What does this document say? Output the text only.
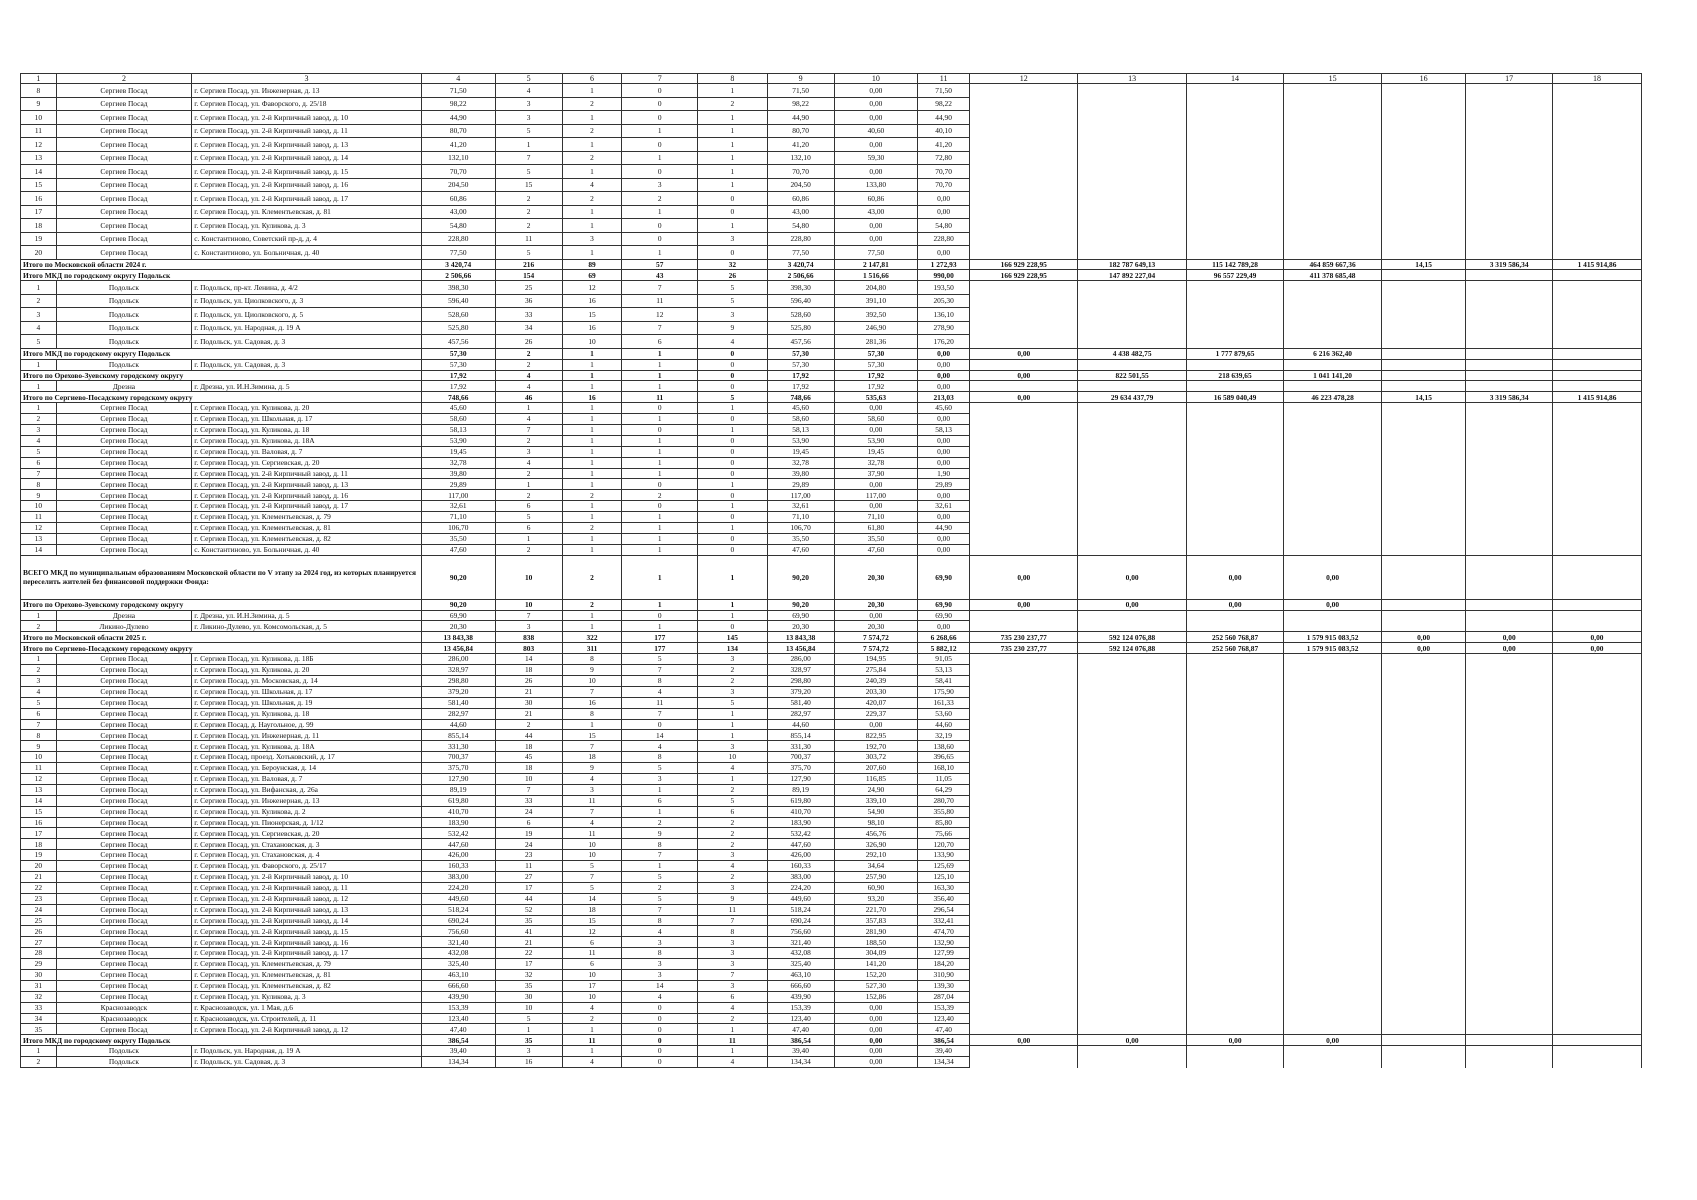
1	2	3	4	5	6	7	8	9	10	11	12	13	14	15	16	17	18
8	Сергиев Посад	г. Сергиев Посад, ул. Инженерная, д. 13	71,50	4	1	0	1	71,50	0,00	71,50							
9	Сергиев Посад	г. Сергиев Посад, ул. Фаворского, д. 25/18	98,22	3	2	0	2	98,22	0,00	98,22							
10	Сергиев Посад	г. Сергиев Посад, ул. 2-й Кирпичный завод, д. 10	44,90	3	1	0	1	44,90	0,00	44,90							
11	Сергиев Посад	г. Сергиев Посад, ул. 2-й Кирпичный завод, д. 11	80,70	5	2	1	1	80,70	40,60	40,10							
12	Сергиев Посад	г. Сергиев Посад, ул. 2-й Кирпичный завод, д. 13	41,20	1	1	0	1	41,20	0,00	41,20							
13	Сергиев Посад	г. Сергиев Посад, ул. 2-й Кирпичный завод, д. 14	132,10	7	2	1	1	132,10	59,30	72,80							
14	Сергиев Посад	г. Сергиев Посад, ул. 2-й Кирпичный завод, д. 15	70,70	5	1	0	1	70,70	0,00	70,70							
15	Сергиев Посад	г. Сергиев Посад, ул. 2-й Кирпичный завод, д. 16	204,50	15	4	3	1	204,50	133,80	70,70							
16	Сергиев Посад	г. Сергиев Посад, ул. 2-й Кирпичный завод, д. 17	60,86	2	2	2	0	60,86	60,86	0,00							
17	Сергиев Посад	г. Сергиев Посад, ул. Клементьевская, д. 81	43,00	2	1	1	0	43,00	43,00	0,00							
18	Сергиев Посад	г. Сергиев Посад, ул. Куликова, д. 3	54,80	2	1	0	1	54,80	0,00	54,80							
19	Сергиев Посад	с. Константиново, Советский пр-д, д. 4	228,80	11	3	0	3	228,80	0,00	228,80							
20	Сергиев Посад	с. Константиново, ул. Больничная, д. 40	77,50	5	1	1	0	77,50	77,50	0,00							
Итого по Московской области 2024 г.			3 420,74	216	89	57	32	3 420,74	2 147,81	1 272,93	166 929 228,95	182 787 649,13	115 142 789,28	464 859 667,36	14,15	3 319 586,34	1 415 914,86
Итого МКД по городскому округу Подольск			2 506,66	154	69	43	26	2 506,66	1 516,66	990,00	166 929 228,95	147 892 227,04	96 557 229,49	411 378 685,48			
1	Подольск	г. Подольск, пр-кт. Ленина, д. 4/2	398,30	25	12	7	5	398,30	204,80	193,50							
2	Подольск	г. Подольск, ул. Циолковского, д. 3	596,40	36	16	11	5	596,40	391,10	205,30							
3	Подольск	г. Подольск, ул. Циолковского, д. 5	528,60	33	15	12	3	528,60	392,50	136,10							
4	Подольск	г. Подольск, ул. Народная, д. 19 А	525,80	34	16	7	9	525,80	246,90	278,90							
5	Подольск	г. Подольск, ул. Садовая, д. 3	457,56	26	10	6	4	457,56	281,36	176,20							
Итого МКД по городскому округу Подольск			57,30	2	1	1	0	57,30	57,30	0,00	0,00	4 438 482,75	1 777 879,65	6 216 362,40			
1	Подольск	г. Подольск, ул. Садовая, д. 3	57,30	2	1	1	0	57,30	57,30	0,00							
Итого по Орехово-Зуевскому городскому округу			17,92	4	1	1	0	17,92	17,92	0,00	0,00	822 501,55	218 639,65	1 041 141,20			
1	Дрезна	г. Дрезна, ул. И.Н.Зимина, д. 5	17,92	4	1	1	0	17,92	17,92	0,00							
Итого по Сергиево-Посадскому городскому округу			748,66	46	16	11	5	748,66	535,63	213,03	0,00	29 634 437,79	16 589 040,49	46 223 478,28	14,15	3 319 586,34	1 415 914,86
1	Сергиев Посад	г. Сергиев Посад, ул. Куликова, д. 20	45,60	1	1	0	1	45,60	0,00	45,60							
2	Сергиев Посад	г. Сергиев Посад, ул. Школьная, д. 17	58,60	4	1	1	0	58,60	58,60	0,00							
3	Сергиев Посад	г. Сергиев Посад, ул. Куликова, д. 18	58,13	7	1	0	1	58,13	0,00	58,13							
4	Сергиев Посад	г. Сергиев Посад, ул. Куликова, д. 18А	53,90	2	1	1	0	53,90	53,90	0,00							
5	Сергиев Посад	г. Сергиев Посад, ул. Валовая, д. 7	19,45	3	1	1	0	19,45	19,45	0,00							
6	Сергиев Посад	г. Сергиев Посад, ул. Сергиевская, д. 20	32,78	4	1	1	0	32,78	32,78	0,00							
7	Сергиев Посад	г. Сергиев Посад, ул. 2-й Кирпичный завод, д. 11	39,80	2	1	1	0	39,80	37,90	1,90							
8	Сергиев Посад	г. Сергиев Посад, ул. 2-й Кирпичный завод, д. 13	29,89	1	1	0	1	29,89	0,00	29,89							
9	Сергиев Посад	г. Сергиев Посад, ул. 2-й Кирпичный завод, д. 16	117,00	2	2	2	0	117,00	117,00	0,00							
10	Сергиев Посад	г. Сергиев Посад, ул. 2-й Кирпичный завод, д. 17	32,61	6	1	0	1	32,61	0,00	32,61							
11	Сергиев Посад	г. Сергиев Посад, ул. Клементьевская, д. 79	71,10	5	1	1	0	71,10	71,10	0,00							
12	Сергиев Посад	г. Сергиев Посад, ул. Клементьевская, д. 81	106,70	6	2	1	1	106,70	61,80	44,90							
13	Сергиев Посад	г. Сергиев Посад, ул. Клементьевская, д. 82	35,50	1	1	1	0	35,50	35,50	0,00							
14	Сергиев Посад	с. Константиново, ул. Больничная, д. 40	47,60	2	1	1	0	47,60	47,60	0,00							
ВСЕГО МКД по муниципальным образованиям Московской области по V этапу за 2024 год, из которых планируется переселить жителей без финансовой поддержки Фонда:			90,20	10	2	1	1	90,20	20,30	69,90	0,00	0,00	0,00	0,00			
Итого по Орехово-Зуевскому городскому округу			90,20	10	2	1	1	90,20	20,30	69,90	0,00	0,00	0,00	0,00			
1	Дрезна	г. Дрезна, ул. И.Н.Зимина, д. 5	69,90	7	1	0	1	69,90	0,00	69,90							
2	Ликино-Дулево	г. Ликино-Дулево, ул. Комсомольская, д. 5	20,30	3	1	1	0	20,30	20,30	0,00							
Итого по Московской области 2025 г.			13 843,38	838	322	177	145	13 843,38	7 574,72	6 268,66	735 230 237,77	592 124 076,88	252 560 768,87	1 579 915 083,52	0,00	0,00	0,00
Итого по Сергиево-Посадскому городскому округу			13 456,84	803	311	177	134	13 456,84	7 574,72	5 882,12	735 230 237,77	592 124 076,88	252 560 768,87	1 579 915 083,52	0,00	0,00	0,00
1	Сергиев Посад	г. Сергиев Посад, ул. Куликова, д. 18Б	286,00	14	8	5	3	286,00	194,95	91,05							
2	Сергиев Посад	г. Сергиев Посад, ул. Куликова, д. 20	328,97	18	9	7	2	328,97	275,84	53,13							
3	Сергиев Посад	г. Сергиев Посад, ул. Московская, д. 14	298,80	26	10	8	2	298,80	240,39	58,41							
4	Сергиев Посад	г. Сергиев Посад, ул. Школьная, д. 17	379,20	21	7	4	3	379,20	203,30	175,90							
5	Сергиев Посад	г. Сергиев Посад, ул. Школьная, д. 19	581,40	30	16	11	5	581,40	420,07	161,33							
6	Сергиев Посад	г. Сергиев Посад, ул. Куликова, д. 18	282,97	21	8	7	1	282,97	229,37	53,60							
7	Сергиев Посад	г. Сергиев Посад, д. Наугольное, д. 99	44,60	2	1	0	1	44,60	0,00	44,60							
8	Сергиев Посад	г. Сергиев Посад, ул. Инженерная, д. 11	855,14	44	15	14	1	855,14	822,95	32,19							
9	Сергиев Посад	г. Сергиев Посад, ул. Куликова, д. 18А	331,30	18	7	4	3	331,30	192,70	138,60							
10	Сергиев Посад	г. Сергиев Посад, проезд. Хотьковский, д. 17	700,37	45	18	8	10	700,37	303,72	396,65							
11	Сергиев Посад	г. Сергиев Посад, ул. Бероунская, д. 14	375,70	18	9	5	4	375,70	207,60	168,10							
12	Сергиев Посад	г. Сергиев Посад, ул. Валовая, д. 7	127,90	10	4	3	1	127,90	116,85	11,05							
13	Сергиев Посад	г. Сергиев Посад, ул. Вифанская, д. 26а	89,19	7	3	1	2	89,19	24,90	64,29							
14	Сергиев Посад	г. Сергиев Посад, ул. Инженерная, д. 13	619,80	33	11	6	5	619,80	339,10	280,70							
15	Сергиев Посад	г. Сергиев Посад, ул. Куликова, д. 2	410,70	24	7	1	6	410,70	54,90	355,80							
16	Сергиев Посад	г. Сергиев Посад, ул. Пионерская, д. 1/12	183,90	6	4	2	2	183,90	98,10	85,80							
17	Сергиев Посад	г. Сергиев Посад, ул. Сергиевская, д. 20	532,42	19	11	9	2	532,42	456,76	75,66							
18	Сергиев Посад	г. Сергиев Посад, ул. Стахановская, д. 3	447,60	24	10	8	2	447,60	326,90	120,70							
19	Сергиев Посад	г. Сергиев Посад, ул. Стахановская, д. 4	426,00	23	10	7	3	426,00	292,10	133,90							
20	Сергиев Посад	г. Сергиев Посад, ул. Фаворского, д. 25/17	160,33	11	5	1	4	160,33	34,64	125,69							
21	Сергиев Посад	г. Сергиев Посад, ул. 2-й Кирпичный завод, д. 10	383,00	27	7	5	2	383,00	257,90	125,10							
22	Сергиев Посад	г. Сергиев Посад, ул. 2-й Кирпичный завод, д. 11	224,20	17	5	2	3	224,20	60,90	163,30							
23	Сергиев Посад	г. Сергиев Посад, ул. 2-й Кирпичный завод, д. 12	449,60	44	14	5	9	449,60	93,20	356,40							
24	Сергиев Посад	г. Сергиев Посад, ул. 2-й Кирпичный завод, д. 13	518,24	52	18	7	11	518,24	221,70	296,54							
25	Сергиев Посад	г. Сергиев Посад, ул. 2-й Кирпичный завод, д. 14	690,24	35	15	8	7	690,24	357,83	332,41							
26	Сергиев Посад	г. Сергиев Посад, ул. 2-й Кирпичный завод, д. 15	756,60	41	12	4	8	756,60	281,90	474,70							
27	Сергиев Посад	г. Сергиев Посад, ул. 2-й Кирпичный завод, д. 16	321,40	21	6	3	3	321,40	188,50	132,90							
28	Сергиев Посад	г. Сергиев Посад, ул. 2-й Кирпичный завод, д. 17	432,08	22	11	8	3	432,08	304,09	127,99							
29	Сергиев Посад	г. Сергиев Посад, ул. Клементьевская, д. 79	325,40	17	6	3	3	325,40	141,20	184,20							
30	Сергиев Посад	г. Сергиев Посад, ул. Клементьевская, д. 81	463,10	32	10	3	7	463,10	152,20	310,90							
31	Сергиев Посад	г. Сергиев Посад, ул. Клементьевская, д. 82	666,60	35	17	14	3	666,60	527,30	139,30							
32	Сергиев Посад	г. Сергиев Посад, ул. Куликова, д. 3	439,90	30	10	4	6	439,90	152,86	287,04							
33	Краснозаводск	г. Краснозаводск, ул. 1 Мая, д.6	153,39	10	4	0	4	153,39	0,00	153,39							
34	Краснозаводск	г. Краснозаводск, ул. Строителей, д. 11	123,40	5	2	0	2	123,40	0,00	123,40							
35	Сергиев Посад	г. Сергиев Посад, ул. 2-й Кирпичный завод, д. 12	47,40	1	1	0	1	47,40	0,00	47,40							
Итого МКД по городскому округу Подольск			386,54	35	11	0	11	386,54	0,00	386,54	0,00	0,00	0,00	0,00			
1	Подольск	г. Подольск, ул. Народная, д. 19 А	39,40	3	1	0	1	39,40	0,00	39,40							
2	Подольск	г. Подольск, ул. Садовая, д. 3	134,34	16	4	0	4	134,34	0,00	134,34							
